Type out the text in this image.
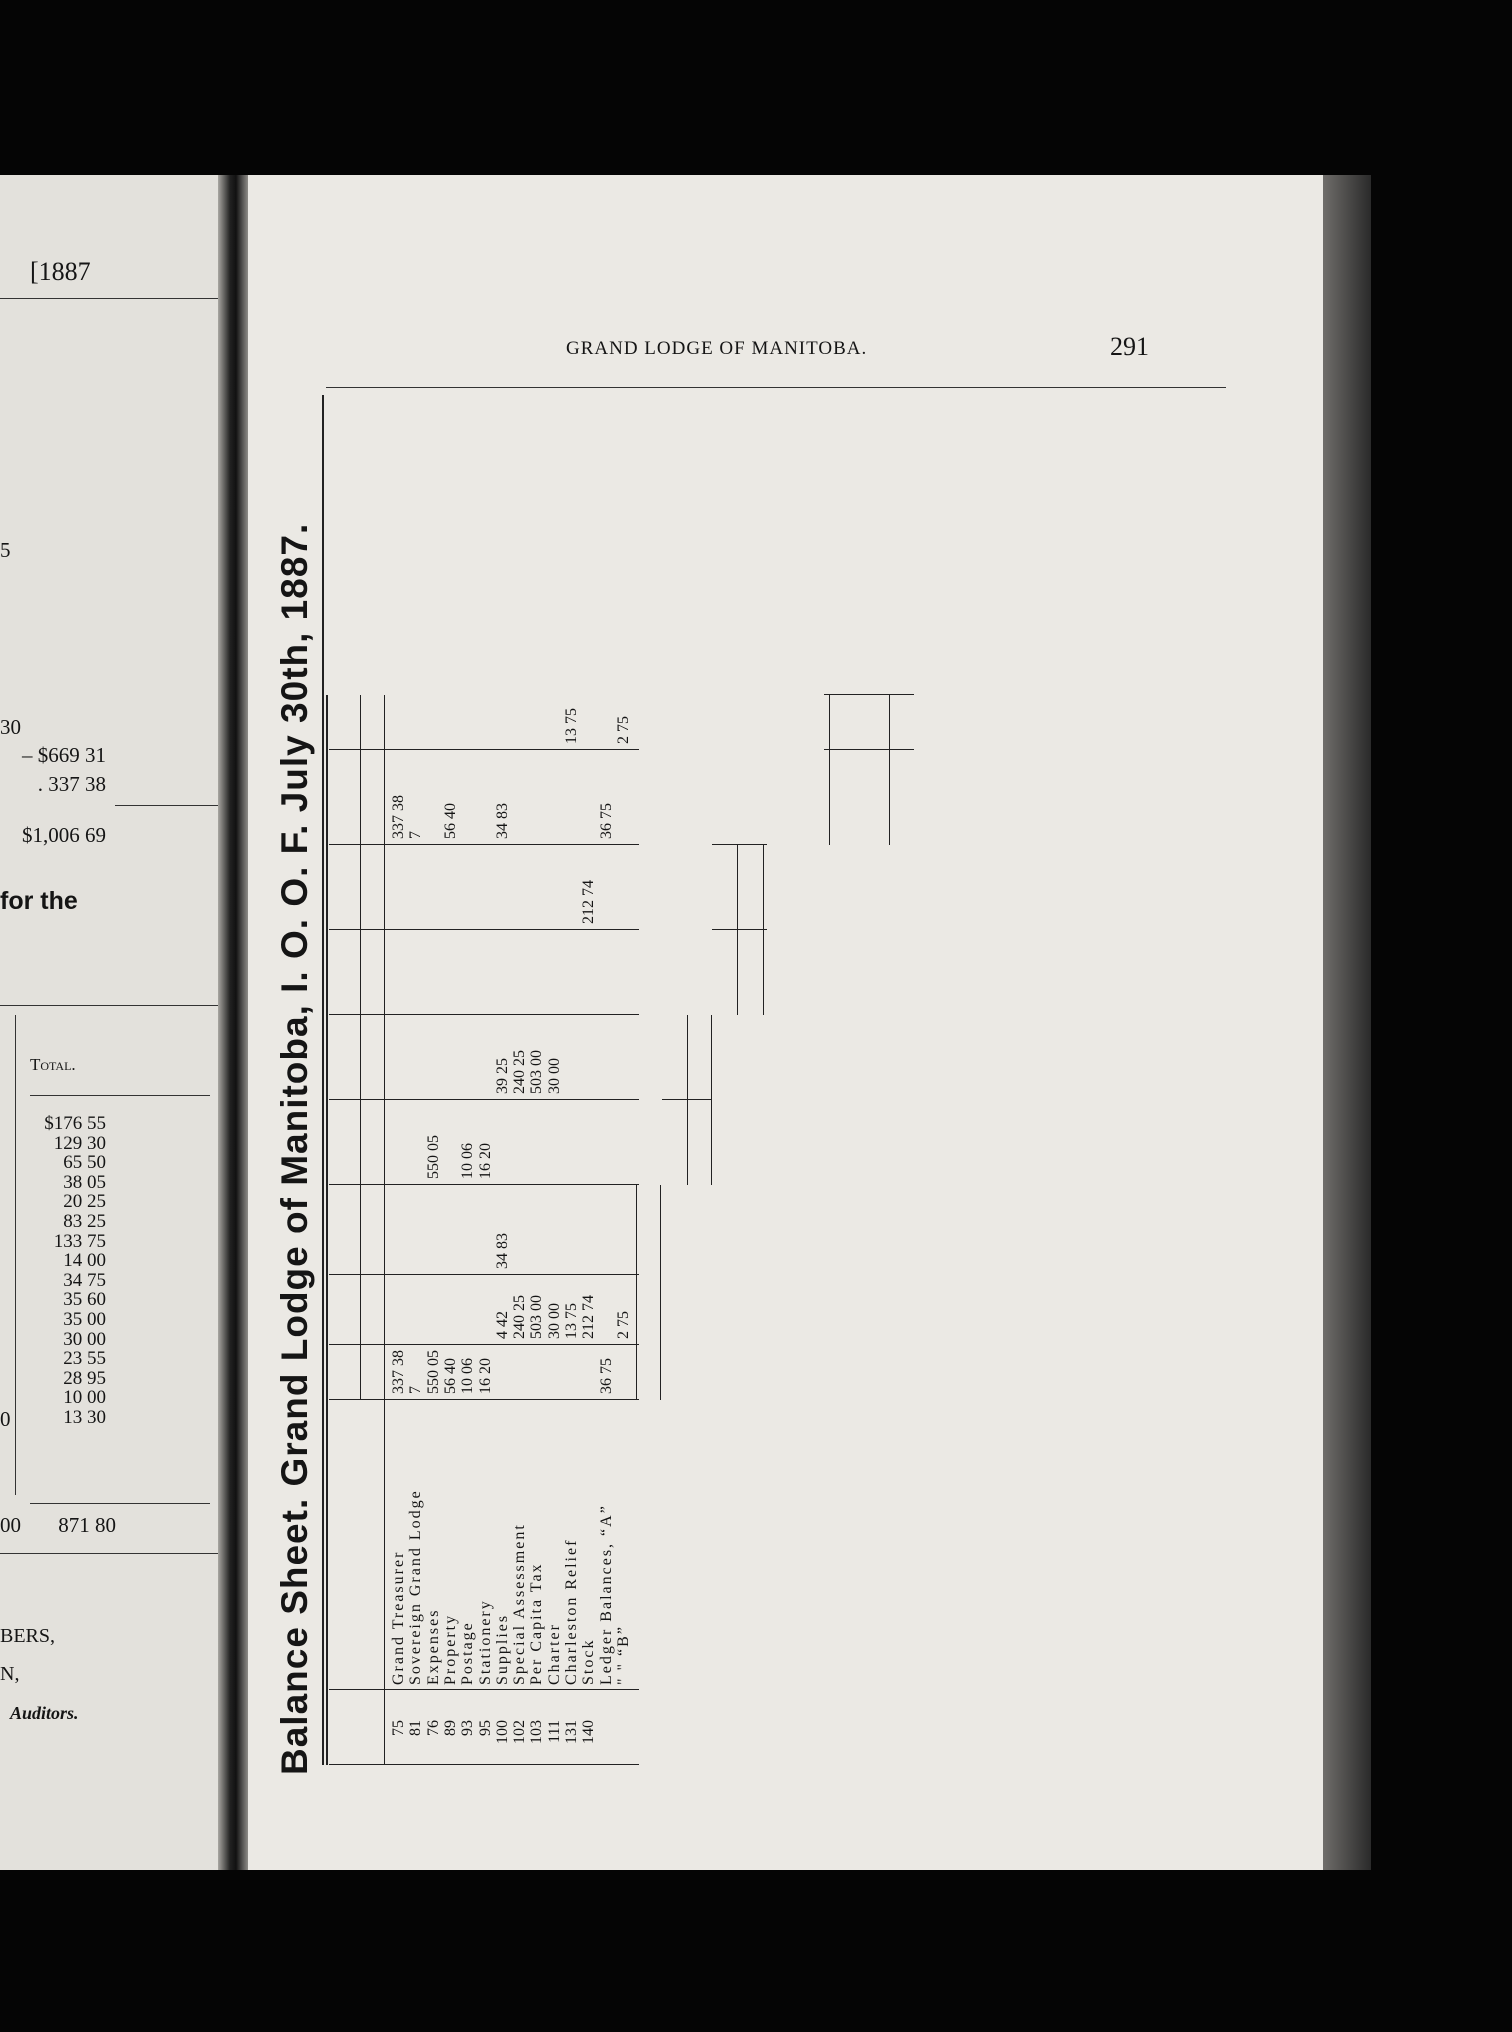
[1887
5
30
– $669 31
. 337 38
$1,006 69
for the
Total.
0
00 871 80
BERS,
N,
Auditors.
$176 55
129 30
65 50
38 05
20 25
83 25
133 75
14 00
34 75
35 60
35 00
30 00
23 55
28 95
10 00
13 30
GRAND LODGE OF MANITOBA.	291
Balance Sheet. Grand Lodge of Manitoba, I. O. O. F. July 30th, 1887.	75
Grand Treasurer
337 38
337 38
81
Sovereign Grand Lodge
7
7
76
Expenses
550 05
550 05
89
Property
56 40
56 40
93
Postage
10 06
10 06
95
Stationery
16 20
16 20
100
Supplies
4 42
34 83
39 25
34 83
102
Special Assessment
240 25
240 25
103
Per Capita Tax
503 00
503 00
111
Charter
30 00
30 00
131
Charleston Relief
13 75
13 75
140
Stock
212 74
212 74
Ledger Balances, “A”
36 75
36 75
" " “B”
2 75
2 75
